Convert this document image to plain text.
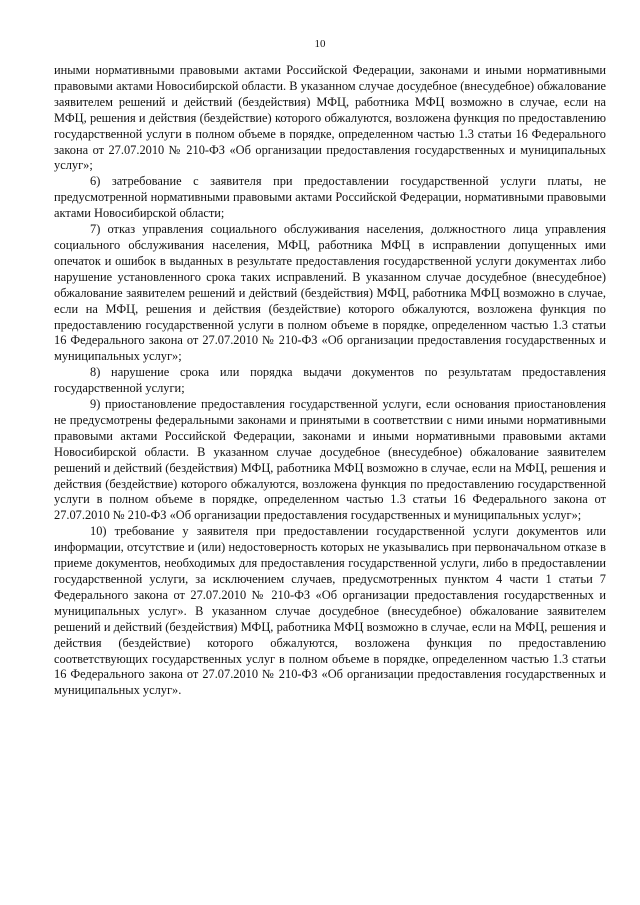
10

иными нормативными правовыми актами Российской Федерации, законами и иными нормативными правовыми актами Новосибирской области. В указанном случае досудебное (внесудебное) обжалование заявителем решений и действий (бездействия) МФЦ, работника МФЦ возможно в случае, если на МФЦ, решения и действия (бездействие) которого обжалуются, возложена функция по предоставлению государственной услуги в полном объеме в порядке, определенном частью 1.3 статьи 16 Федерального закона от 27.07.2010 № 210-ФЗ «Об организации предоставления государственных и муниципальных услуг»;

6) затребование с заявителя при предоставлении государственной услуги платы, не предусмотренной нормативными правовыми актами Российской Федерации, нормативными правовыми актами Новосибирской области;

7) отказ управления социального обслуживания населения, должностного лица управления социального обслуживания населения, МФЦ, работника МФЦ в исправлении допущенных ими опечаток и ошибок в выданных в результате предоставления государственной услуги документах либо нарушение установленного срока таких исправлений. В указанном случае досудебное (внесудебное) обжалование заявителем решений и действий (бездействия) МФЦ, работника МФЦ возможно в случае, если на МФЦ, решения и действия (бездействие) которого обжалуются, возложена функция по предоставлению государственной услуги в полном объеме в порядке, определенном частью 1.3 статьи 16 Федерального закона от 27.07.2010 № 210-ФЗ «Об организации предоставления государственных и муниципальных услуг»;

8) нарушение срока или порядка выдачи документов по результатам предоставления государственной услуги;

9) приостановление предоставления государственной услуги, если основания приостановления не предусмотрены федеральными законами и принятыми в соответствии с ними иными нормативными правовыми актами Российской Федерации, законами и иными нормативными правовыми актами Новосибирской области. В указанном случае досудебное (внесудебное) обжалование заявителем решений и действий (бездействия) МФЦ, работника МФЦ возможно в случае, если на МФЦ, решения и действия (бездействие) которого обжалуются, возложена функция по предоставлению государственной услуги в полном объеме в порядке, определенном частью 1.3 статьи 16 Федерального закона от 27.07.2010 № 210-ФЗ «Об организации предоставления государственных и муниципальных услуг»;

10) требование у заявителя при предоставлении государственной услуги документов или информации, отсутствие и (или) недостоверность которых не указывались при первоначальном отказе в приеме документов, необходимых для предоставления государственной услуги, либо в предоставлении государственной услуги, за исключением случаев, предусмотренных пунктом 4 части 1 статьи 7 Федерального закона от 27.07.2010 № 210-ФЗ «Об организации предоставления государственных и муниципальных услуг». В указанном случае досудебное (внесудебное) обжалование заявителем решений и действий (бездействия) МФЦ, работника МФЦ возможно в случае, если на МФЦ, решения и действия (бездействие) которого обжалуются, возложена функция по предоставлению соответствующих государственных услуг в полном объеме в порядке, определенном частью 1.3 статьи 16 Федерального закона от 27.07.2010 № 210-ФЗ «Об организации предоставления государственных и муниципальных услуг».
